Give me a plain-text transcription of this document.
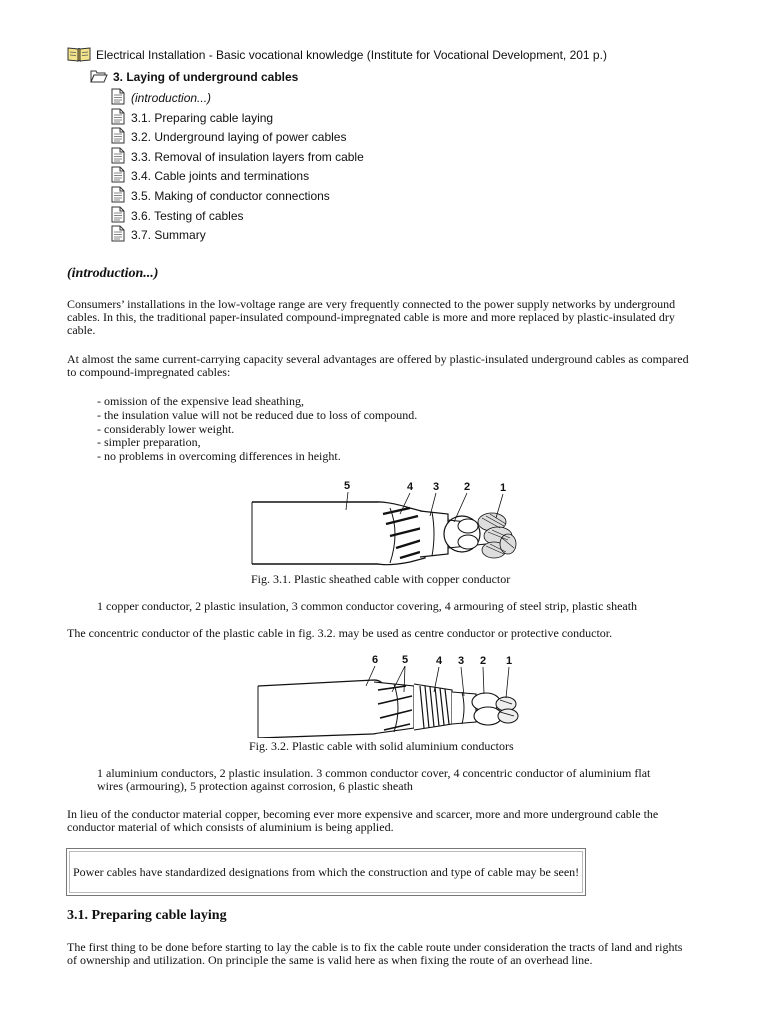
Electrical Installation - Basic vocational knowledge (Institute for Vocational Development, 201 p.)
3. Laying of underground cables
(introduction...)
3.1. Preparing cable laying
3.2. Underground laying of power cables
3.3. Removal of insulation layers from cable
3.4. Cable joints and terminations
3.5. Making of conductor connections
3.6. Testing of cables
3.7. Summary
(introduction...)
Consumers’ installations in the low-voltage range are very frequently connected to the power supply networks by underground
cables. In this, the traditional paper-insulated compound-impregnated cable is more and more replaced by plastic-insulated dry
cable.
At almost the same current-carrying capacity several advantages are offered by plastic-insulated underground cables as compared
to compound-impregnated cables:
- omission of the expensive lead sheathing,
- the insulation value will not be reduced due to loss of compound.
- considerably lower weight.
- simpler preparation,
- no problems in overcoming differences in height.
5	4 3 2	1
Fig. 3.1. Plastic sheathed cable with copper conductor
1 copper conductor, 2 plastic insulation, 3 common conductor covering, 4 armouring of steel strip, plastic sheath
The concentric conductor of the plastic cable in fig. 3.2. may be used as centre conductor or protective conductor.
6 5	4 3 2 1
Fig. 3.2. Plastic cable with solid aluminium conductors
1 aluminium conductors, 2 plastic insulation. 3 common conductor cover, 4 concentric conductor of aluminium flat
wires (armouring), 5 protection against corrosion, 6 plastic sheath
In lieu of the conductor material copper, becoming ever more expensive and scarcer, more and more underground cable the
conductor material of which consists of aluminium is being applied.
Power cables have standardized designations from which the construction and type of cable may be seen!
3.1. Preparing cable laying
The first thing to be done before starting to lay the cable is to fix the cable route under consideration the tracts of land and rights
of ownership and utilization. On principle the same is valid here as when fixing the route of an overhead line.
